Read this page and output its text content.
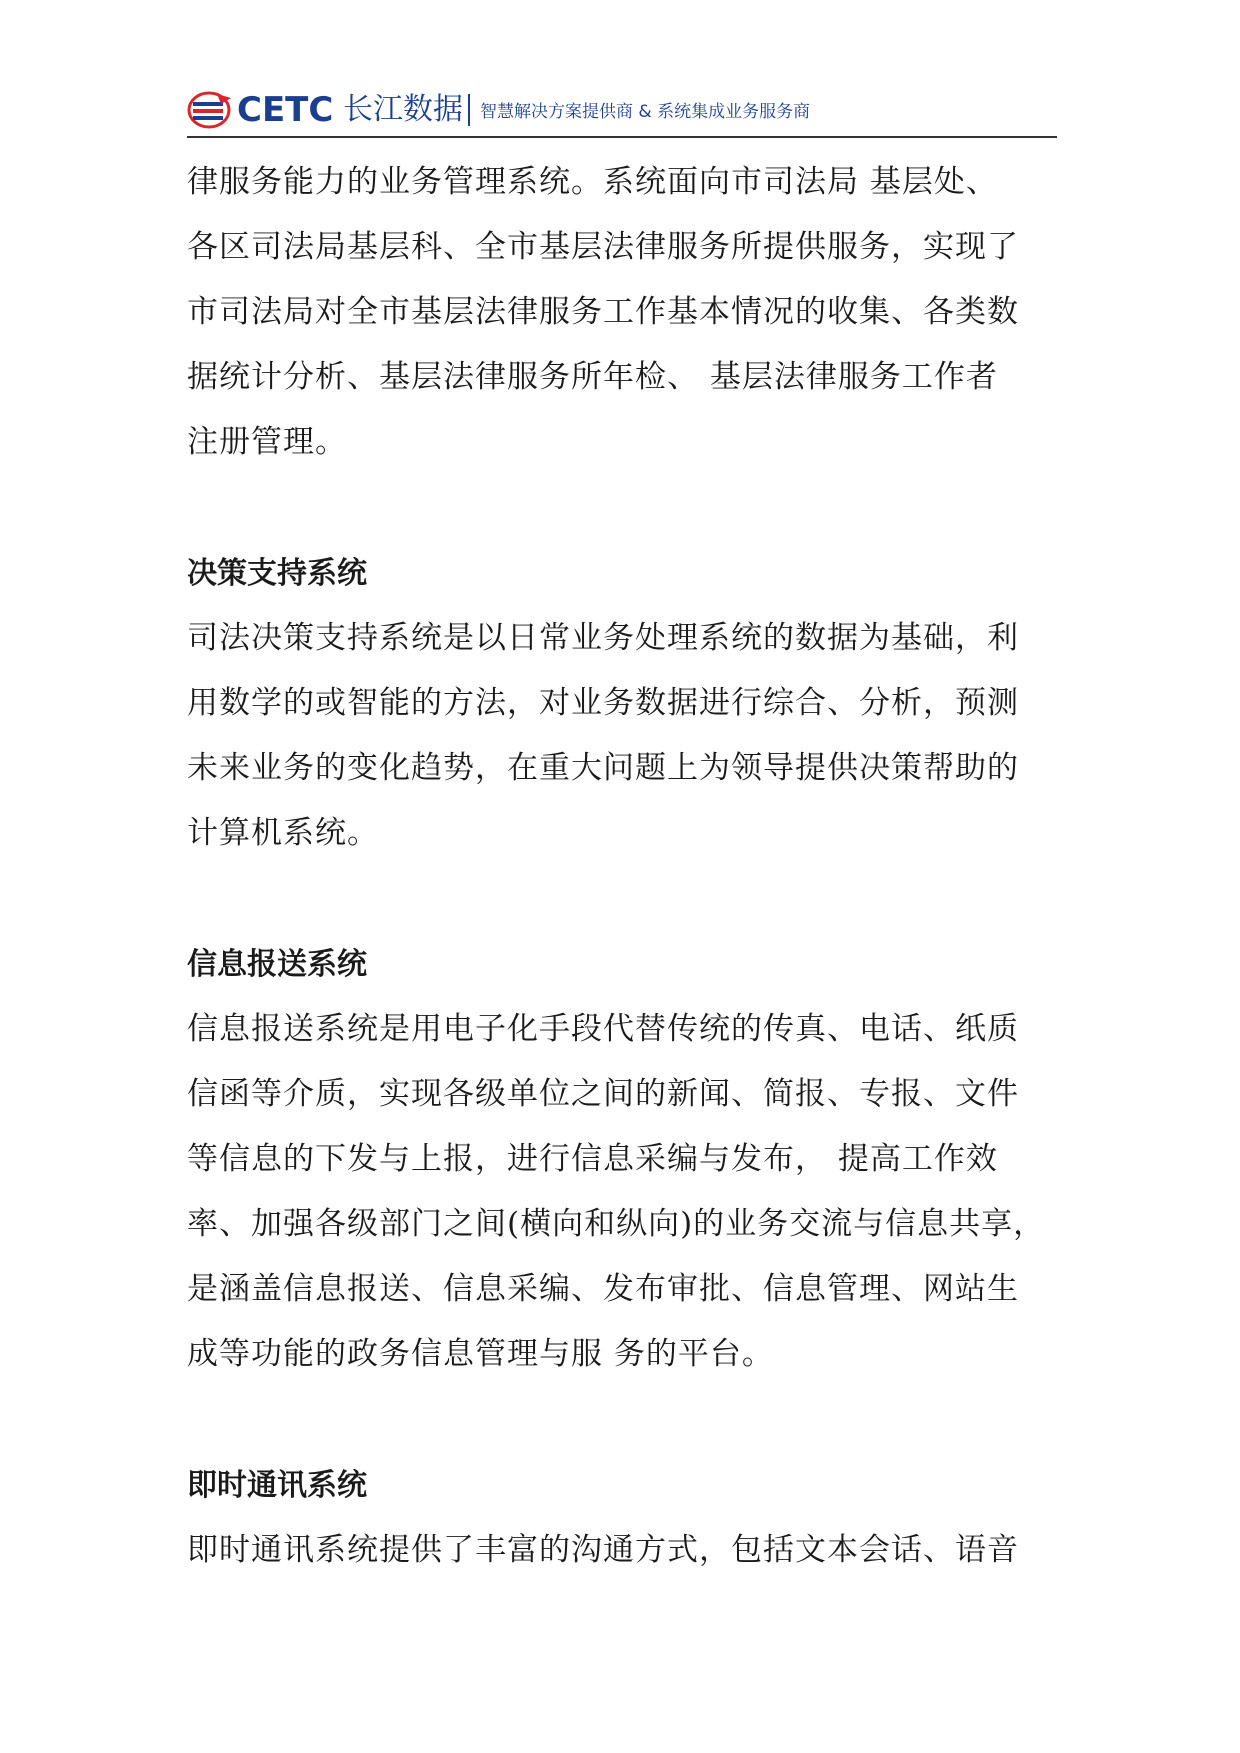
CETC 长江数据 智慧解决方案提供商 & 系统集成业务服务商

律服务能力的业务管理系统。系统面向市司法局 基层处、

各区司法局基层科、全市基层法律服务所提供服务，实现了

市司法局对全市基层法律服务工作基本情况的收集、各类数

据统计分析、基层法律服务所年检、 基层法律服务工作者

注册管理。

决策支持系统

司法决策支持系统是以日常业务处理系统的数据为基础，利

用数学的或智能的方法，对业务数据进行综合、分析，预测

未来业务的变化趋势，在重大问题上为领导提供决策帮助的

计算机系统。

信息报送系统

信息报送系统是用电子化手段代替传统的传真、电话、纸质

信函等介质，实现各级单位之间的新闻、简报、专报、文件

等信息的下发与上报，进行信息采编与发布， 提高工作效

率、加强各级部门之间(横向和纵向)的业务交流与信息共享，

是涵盖信息报送、信息采编、发布审批、信息管理、网站生

成等功能的政务信息管理与服 务的平台。

即时通讯系统

即时通讯系统提供了丰富的沟通方式，包括文本会话、语音
